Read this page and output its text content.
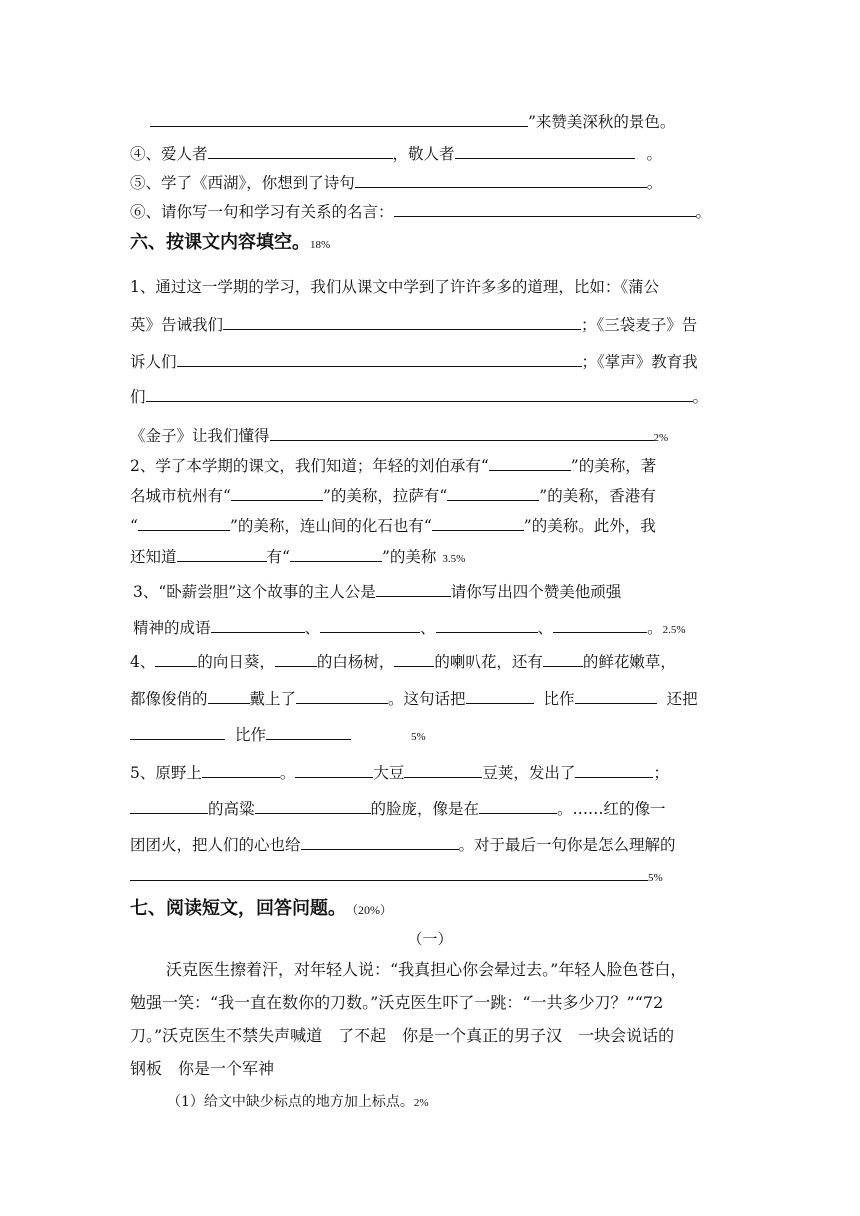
”来赞美深秋的景色。
④、爱人者	，敬人者	。
⑤、学了《西湖》，你想到了诗句	。
⑥、请你写一句和学习有关系的名言：	。
六、按课文内容填空。18%
1、通过这一学期的学习，我们从课文中学到了许许多多的道理，比如：《蒲公
英》告诫我们	；《三袋麦子》告
诉人们	；《掌声》教育我
们	。
《金子》让我们懂得	2%
2、学了本学期的课文，我们知道；年轻的刘伯承有“	”的美称，著
名城市杭州有“	”的美称，拉萨有“	”的美称，香港有
“	”的美称，连山间的化石也有“	”的美称。此外，我
还知道	有“	”的美称 3.5%
3、“卧薪尝胆”这个故事的主人公是	请你写出四个赞美他顽强
精神的成语	、	、	、	。2.5%
4、	的向日葵，	的白杨树，	的喇叭花，还有	的鲜花嫩草，
都像俊俏的	戴上了	。这句话把	比作	还把
比作	5%
5、原野上	。	大豆	豆荚，发出了	；
的高粱	的脸庞，像是在	。……红的像一
团团火，把人们的心也给	。对于最后一句你是怎么理解的
5%
七、阅读短文，回答问题。（20%）
（一）
沃克医生擦着汗，对年轻人说：“我真担心你会晕过去。”年轻人脸色苍白，
勉强一笑：“我一直在数你的刀数。”沃克医生吓了一跳：“一共多少刀？”“72
刀。”沃克医生不禁失声喊道　了不起　你是一个真正的男子汉　一块会说话的
钢板　你是一个军神
（1）给文中缺少标点的地方加上标点。2%
